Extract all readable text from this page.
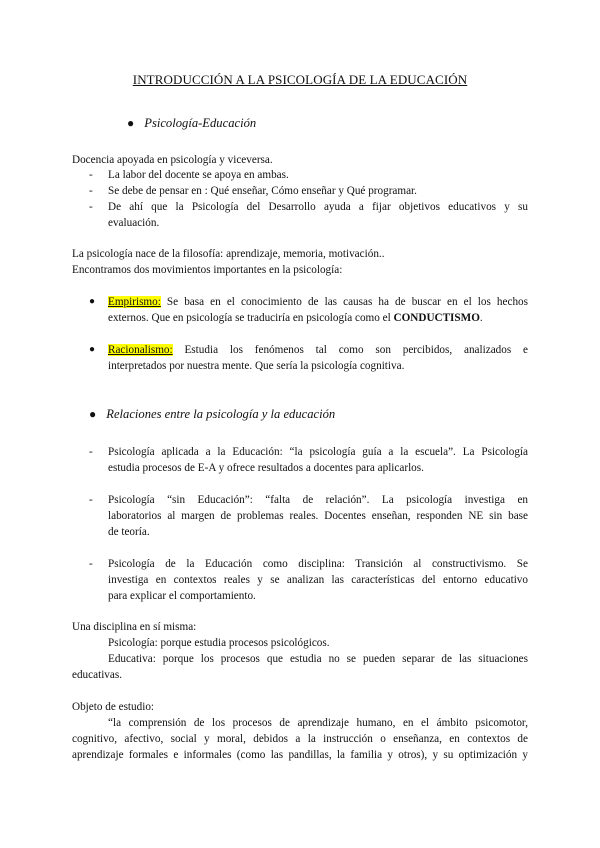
INTRODUCCIÓN A LA PSICOLOGÍA DE LA EDUCACIÓN
● Psicología-Educación
Docencia apoyada en psicología y viceversa.
-	La labor del docente se apoya en ambas.
-	Se debe de pensar en : Qué enseñar, Cómo enseñar y Qué programar.
-	De ahí que la Psicología del Desarrollo ayuda a fijar objetivos educativos y su
evaluación.
La psicología nace de la filosofía: aprendizaje, memoria, motivación..
Encontramos dos movimientos importantes en la psicología:
●	Empirismo: Se basa en el conocimiento de las causas ha de buscar en el los hechos
externos. Que en psicología se traduciría en psicología como el CONDUCTISMO.
●	Racionalismo: Estudia los fenómenos tal como son percibidos, analizados e
interpretados por nuestra mente. Que sería la psicología cognitiva.
● Relaciones entre la psicología y la educación
-	Psicología aplicada a la Educación: “la psicología guía a la escuela”. La Psicología
estudia procesos de E-A y ofrece resultados a docentes para aplicarlos.
-	Psicología “sin Educación”: “falta de relación”. La psicología investiga en
laboratorios al margen de problemas reales. Docentes enseñan, responden NE sin base
de teoría.
-	Psicología de la Educación como disciplina: Transición al constructivismo. Se
investiga en contextos reales y se analizan las características del entorno educativo
para explicar el comportamiento.
Una disciplina en sí misma:
Psicología: porque estudia procesos psicológicos.
Educativa: porque los procesos que estudia no se pueden separar de las situaciones
educativas.
Objeto de estudio:
“la comprensión de los procesos de aprendizaje humano, en el ámbito psicomotor,
cognitivo, afectivo, social y moral, debidos a la instrucción o enseñanza, en contextos de
aprendizaje formales e informales (como las pandillas, la familia y otros), y su optimización y
